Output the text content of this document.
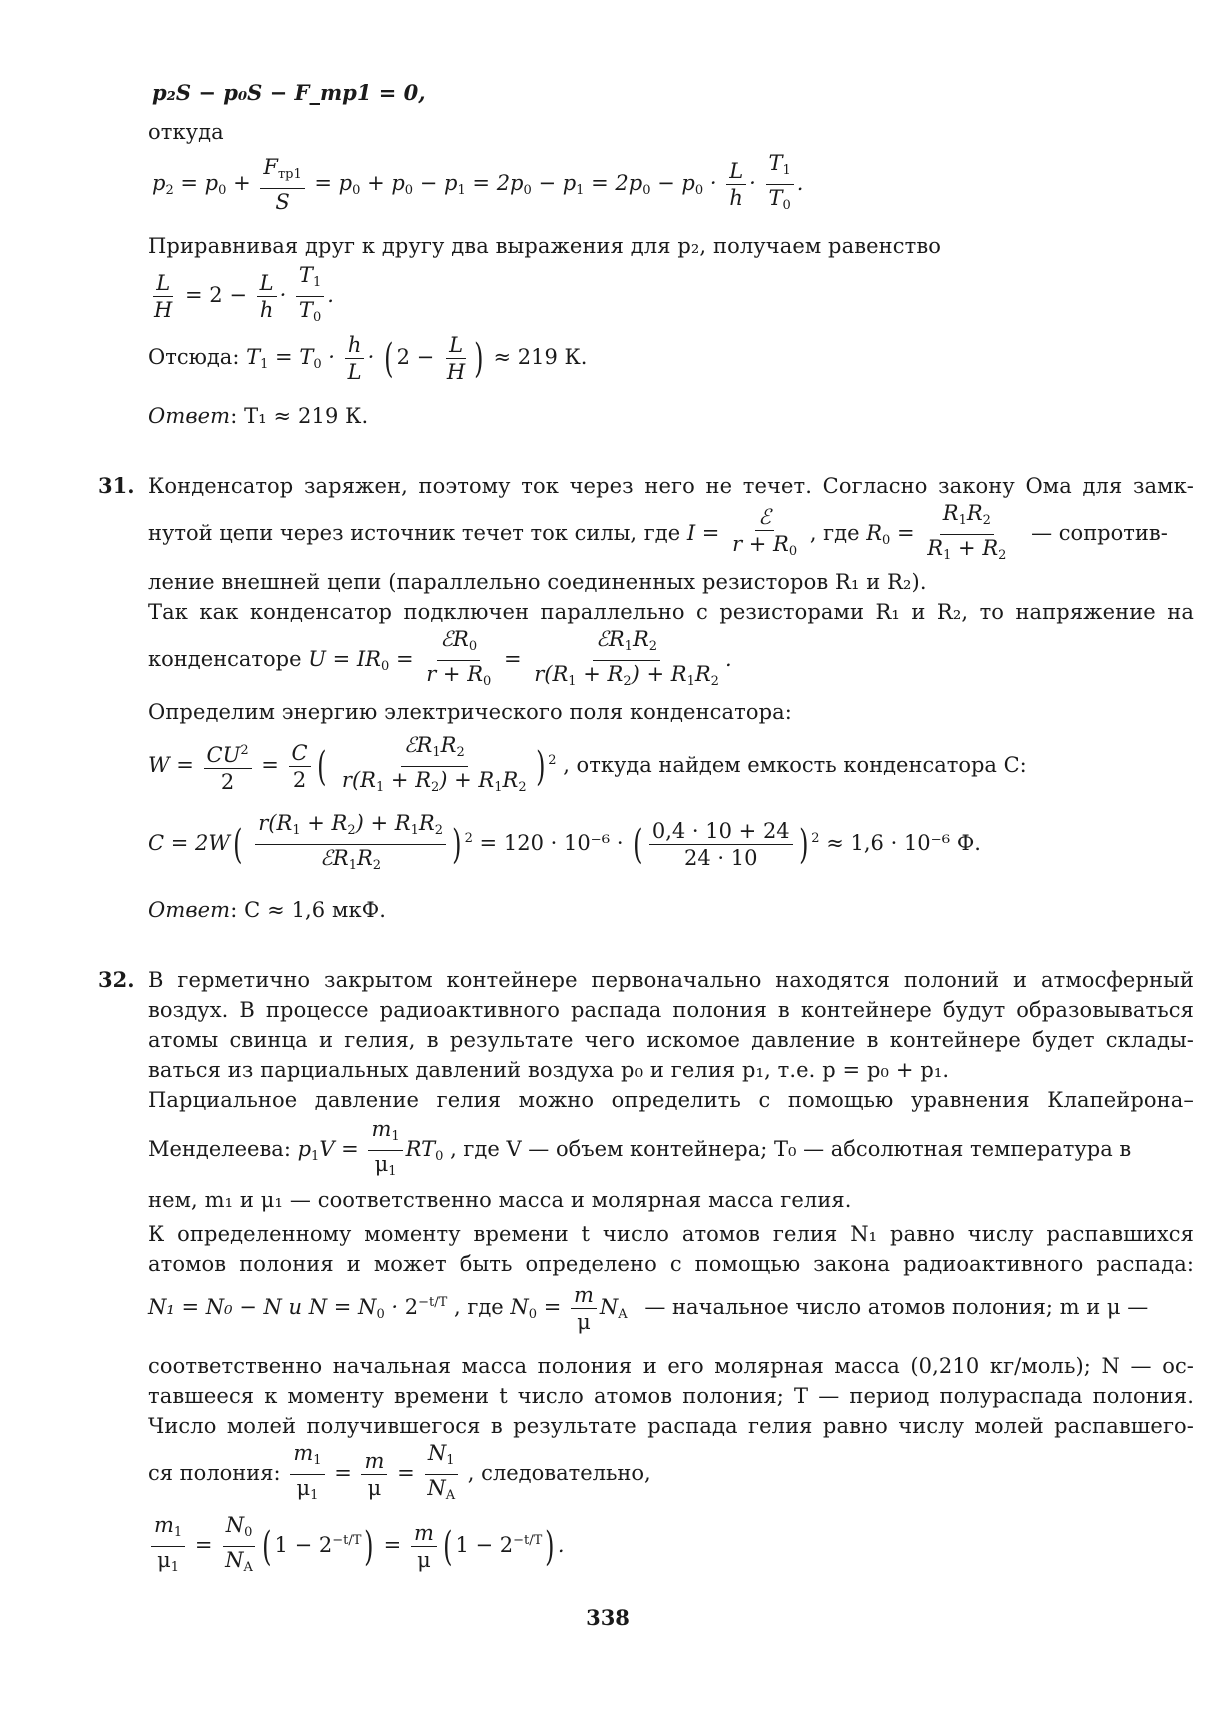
p₂S − p₀S − F_тр1 = 0,
откуда
$p_2 = p_0$ +
$F_{тр1}$
S
= $p_0 + p_0 - p_1 = 2p_0 - p_1 = 2p_0 - p_0 \cdot \frac{L}{h} \cdot \frac{T_1}{T_0}$ .
Приравнивая друг к другу два выражения для p₂, получаем равенство
$\frac{L}{H} = 2 - \frac{L}{h} \cdot \frac{T_1}{T_0}$ .
Отсюда: $T_1 = T_0 \cdot \frac{h}{L}$ · ( $2 - \frac{L}{H}$ ) ≈ 219 К.
Ответ: T₁ ≈ 219 К.
31. Конденсатор заряжен, поэтому ток через него не течет. Согласно закону Ома для замк-
нутой цепи через источник течет ток силы, где I =
ℰ
$r + R_0$
, где $R_0 = \frac{R_1R_2}{R_1 + R_2}$ — сопротив-
ление внешней цепи (параллельно соединенных резисторов R₁ и R₂).
Так как конденсатор подключен параллельно с резисторами R₁ и R₂, то напряжение на
конденсаторе $U = IR_0$ =
ℰR$_0$
$r + R_0$
=
$ℰR_1R_2$
$r(R_1 + R_2) + R_1R_2$
.
Определим энергию электрического поля конденсатора:
$W = \frac{CU^2}{2} = \frac{C}{2}$ (	$ℰR_1R_2$
$r(R_1 + R_2) + R_1R_2$ ) $^2$ , откуда найдем емкость конденсатора C:
C = 2W( $r(R_1 + R_2) + R_1R_2$
$ℰR_1R_2$ ) $^2$ = 120 · 10⁻⁶ · ( $\frac{0,4 \cdot 10 + 24}{24 \cdot 10}$ ) $^2$ ≈ 1,6 · 10⁻⁶ Ф.
Ответ: C ≈ 1,6 мкФ.
32. В герметично закрытом контейнере первоначально находятся полоний и атмосферный
воздух. В процессе радиоактивного распада полония в контейнере будут образовываться
атомы свинца и гелия, в результате чего искомое давление в контейнере будет склады-
ваться из парциальных давлений воздуха p₀ и гелия p₁, т.е. p = p₀ + p₁.
Парциальное давление гелия можно определить с помощью уравнения Клапейрона–
Менделеева: $p_1V = \frac{m_1}{\mu_1} RT_0$ , где V — объем контейнера; T₀ — абсолютная температура в
нем, m₁ и μ₁ — соответственно масса и молярная масса гелия.
К определенному моменту времени t число атомов гелия N₁ равно числу распавшихся
атомов полония и может быть определено с помощью закона радиоактивного распада:
N₁ = N₀ − N и $N = N_0 \cdot 2^{-t/T}$ , где $N_0 = \frac{m}{\mu} N_A$ — начальное число атомов полония; m и μ —
соответственно начальная масса полония и его молярная масса (0,210 кг/моль); N — ос-
тавшееся к моменту времени t число атомов полония; T — период полураспада полония.
Число молей получившегося в результате распада гелия равно числу молей распавшего-
ся полония: $\frac{m_1}{\mu_1} = \frac{m}{\mu} = \frac{N_1}{N_A}$ , следовательно,
$\frac{m_1}{\mu_1} = \frac{N_0}{N_A}$ ( $1 - 2^{-t/T}) = \frac{m}{\mu}$ ( $1 - 2^{-t/T}$) .
338
